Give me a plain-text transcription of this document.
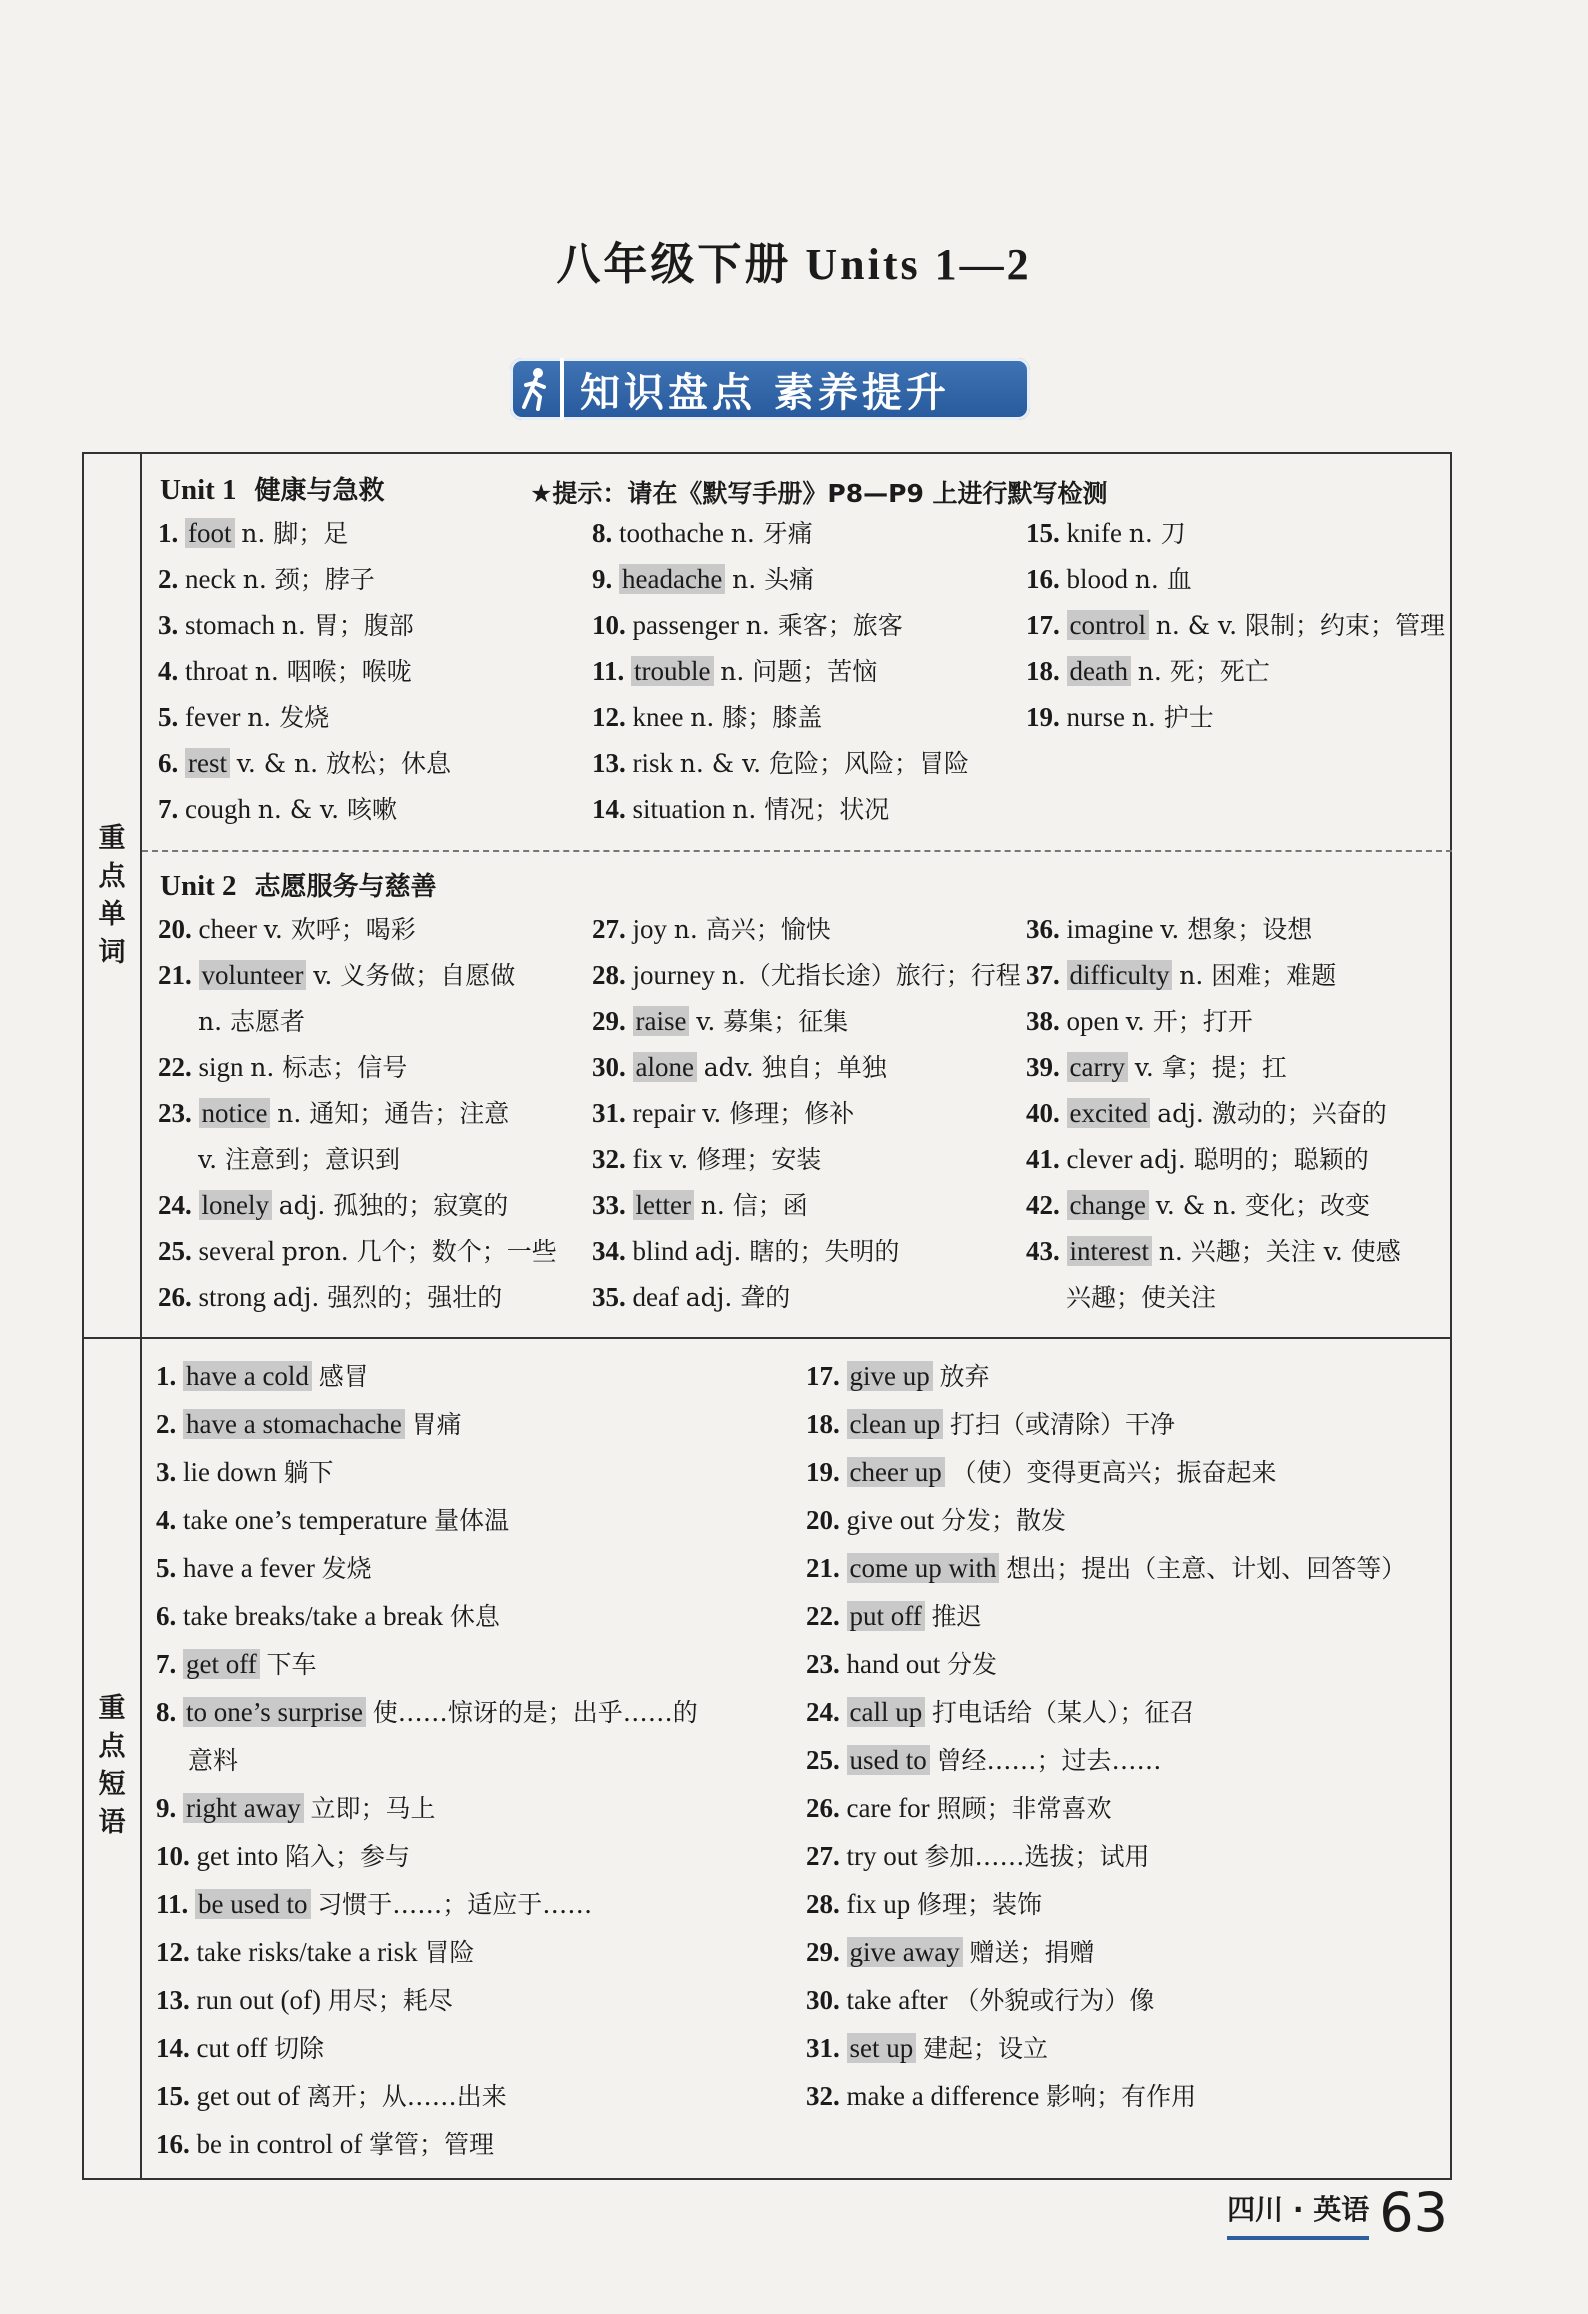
八年级下册 Units 1—2
知识盘点 素养提升
重点单词
重点短语
Unit 1 健康与急救	★提示：请在《默写手册》P8—P9 上进行默写检测
Unit 2 志愿服务与慈善
1. foot n. 脚；足
2. neck n. 颈；脖子
3. stomach n. 胃；腹部
4. throat n. 咽喉；喉咙
5. fever n. 发烧
6. rest v. & n. 放松；休息
7. cough n. & v. 咳嗽
8. toothache n. 牙痛
9. headache n. 头痛
10. passenger n. 乘客；旅客
11. trouble n. 问题；苦恼
12. knee n. 膝；膝盖
13. risk n. & v. 危险；风险；冒险
14. situation n. 情况；状况
15. knife n. 刀
16. blood n. 血
17. control n. & v. 限制；约束；管理
18. death n. 死；死亡
19. nurse n. 护士
20. cheer v. 欢呼；喝彩
21. volunteer v. 义务做；自愿做
n. 志愿者
22. sign n. 标志；信号
23. notice n. 通知；通告；注意
v. 注意到；意识到
24. lonely adj. 孤独的；寂寞的
25. several pron. 几个；数个；一些
26. strong adj. 强烈的；强壮的
27. joy n. 高兴；愉快
28. journey n.（尤指长途）旅行；行程
29. raise v. 募集；征集
30. alone adv. 独自；单独
31. repair v. 修理；修补
32. fix v. 修理；安装
33. letter n. 信；函
34. blind adj. 瞎的；失明的
35. deaf adj. 聋的
36. imagine v. 想象；设想
37. difficulty n. 困难；难题
38. open v. 开；打开
39. carry v. 拿；提；扛
40. excited adj. 激动的；兴奋的
41. clever adj. 聪明的；聪颖的
42. change v. & n. 变化；改变
43. interest n. 兴趣；关注 v. 使感
兴趣；使关注
1. have a cold 感冒
2. have a stomachache 胃痛
3. lie down 躺下
4. take one’s temperature 量体温
5. have a fever 发烧
6. take breaks/take a break 休息
7. get off 下车
8. to one’s surprise 使……惊讶的是；出乎……的
意料
9. right away 立即；马上
10. get into 陷入；参与
11. be used to 习惯于……；适应于……
12. take risks/take a risk 冒险
13. run out (of) 用尽；耗尽
14. cut off 切除
15. get out of 离开；从……出来
16. be in control of 掌管；管理
17. give up 放弃
18. clean up 打扫（或清除）干净
19. cheer up （使）变得更高兴；振奋起来
20. give out 分发；散发
21. come up with 想出；提出（主意、计划、回答等）
22. put off 推迟
23. hand out 分发
24. call up 打电话给（某人）；征召
25. used to 曾经……；过去……
26. care for 照顾；非常喜欢
27. try out 参加……选拔；试用
28. fix up 修理；装饰
29. give away 赠送；捐赠
30. take after （外貌或行为）像
31. set up 建起；设立
32. make a difference 影响；有作用
四川 · 英语 63
